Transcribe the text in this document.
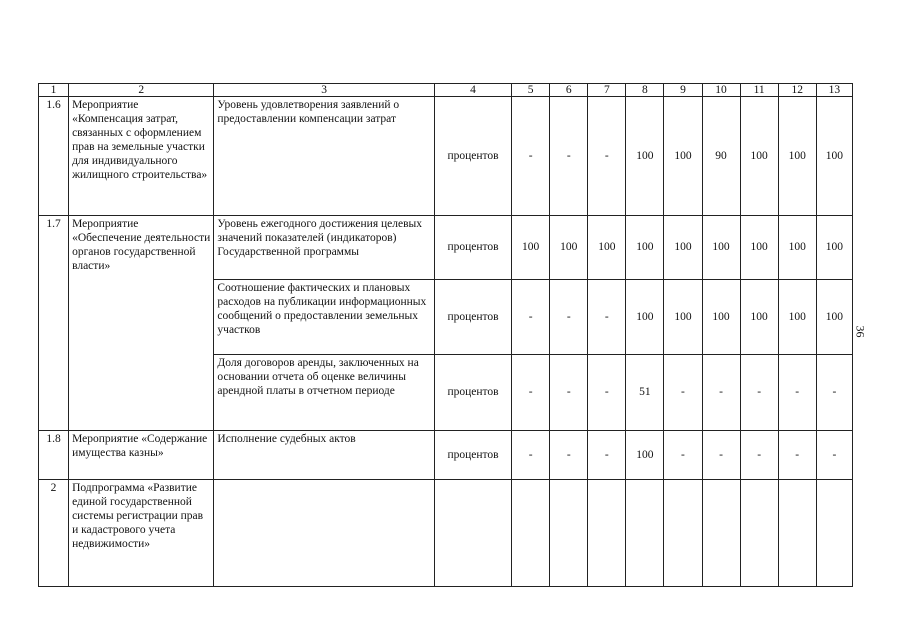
1	2	3	4	5	6	7	8	9	10	11	12	13
1.6	Мероприятие «Компенсация затрат, связанных с оформлением прав на земельные участки для индивидуального жилищного строительства»	Уровень удовлетворения заявлений о предоставлении компенсации затрат	процентов	-	-	-	100	100	90	100	100	100
1.7	Мероприятие «Обеспечение деятельности органов государственной власти»	Уровень ежегодного достижения целевых значений показателей (индикаторов) Государственной программы	процентов	100	100	100	100	100	100	100	100	100
		Соотношение фактических и плановых расходов на публикации информационных сообщений о предоставлении земельных участков	процентов	-	-	-	100	100	100	100	100	100
		Доля договоров аренды, заключенных на основании отчета об оценке величины арендной платы в отчетном периоде	процентов	-	-	-	51	-	-	-	-	-
1.8	Мероприятие «Содержание имущества казны»	Исполнение судебных актов	процентов	-	-	-	100	-	-	-	-	-
2	Подпрограмма «Развитие единой государственной системы регистрации прав и кадастрового учета недвижимости»											
36
